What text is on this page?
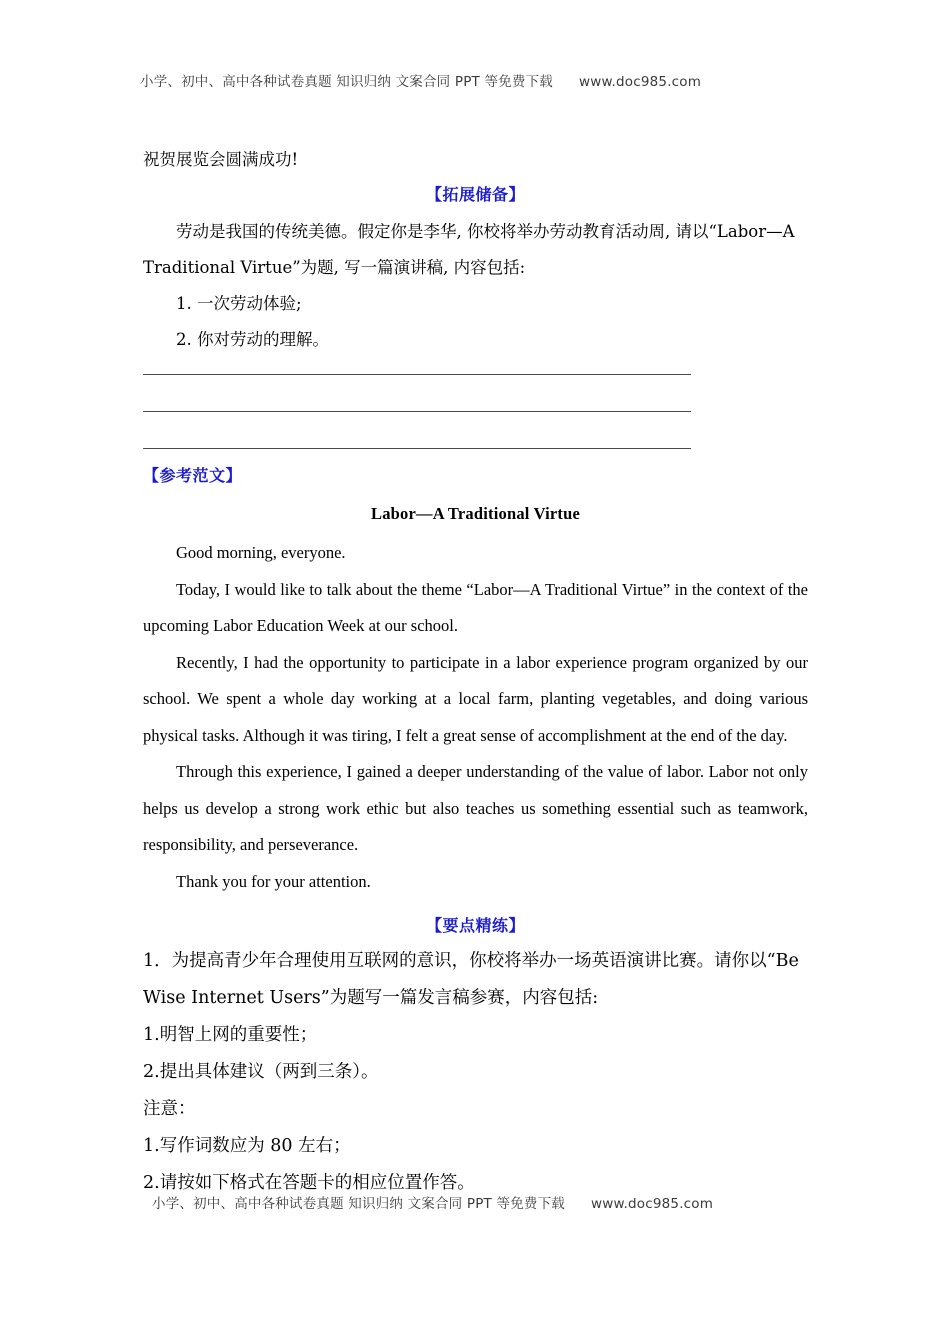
小学、初中、高中各种试卷真题 知识归纳 文案合同 PPT 等免费下载 www.doc985.com
祝贺展览会圆满成功!
【拓展储备】
劳动是我国的传统美德。假定你是李华, 你校将举办劳动教育活动周, 请以“Labor—A
Traditional Virtue”为题, 写一篇演讲稿, 内容包括:
1. 一次劳动体验;
2. 你对劳动的理解。
【参考范文】
Labor—A Traditional Virtue

Good morning, everyone.

Today, I would like to talk about the theme “Labor—A Traditional Virtue” in the context of the upcoming Labor Education Week at our school.

Recently, I had the opportunity to participate in a labor experience program organized by our school. We spent a whole day working at a local farm, planting vegetables, and doing various physical tasks. Although it was tiring, I felt a great sense of accomplishment at the end of the day.

Through this experience, I gained a deeper understanding of the value of labor. Labor not only helps us develop a strong work ethic but also teaches us something essential such as teamwork, responsibility, and perseverance.

Thank you for your attention.

【要点精练】

1．为提高青少年合理使用互联网的意识，你校将举办一场英语演讲比赛。请你以“Be

Wise Internet Users”为题写一篇发言稿参赛，内容包括:

1.明智上网的重要性；

2.提出具体建议（两到三条）。

注意：

1.写作词数应为 80 左右；

2.请按如下格式在答题卡的相应位置作答。

小学、初中、高中各种试卷真题 知识归纳 文案合同 PPT 等免费下载 www.doc985.com
